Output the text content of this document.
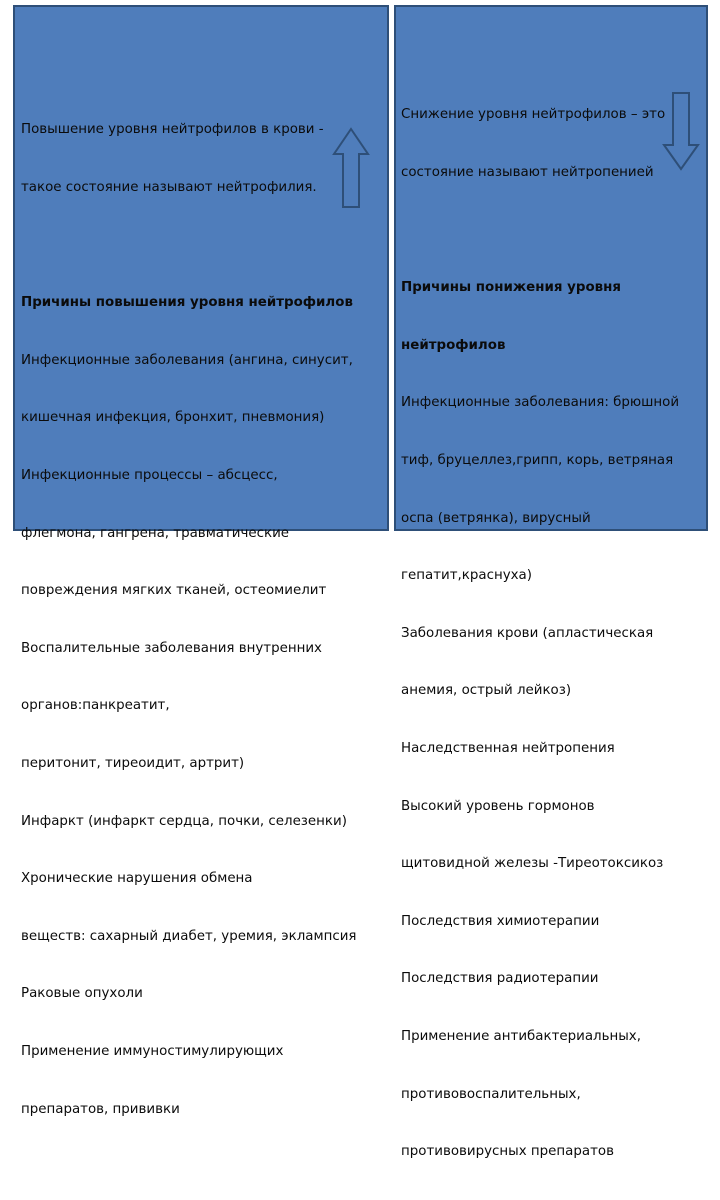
Повышение уровня нейтрофилов в крови -

такое состояние называют нейтрофилия.

Причины повышения уровня нейтрофилов

Инфекционные заболевания (ангина, синусит,

кишечная инфекция, бронхит, пневмония)

Инфекционные процессы – абсцесс,

флегмона, гангрена, травматические

повреждения мягких тканей, остеомиелит

Воспалительные заболевания внутренних

органов:панкреатит,

перитонит, тиреоидит, артрит)

Инфаркт (инфаркт сердца, почки, селезенки)

Хронические нарушения обмена

веществ: сахарный диабет, уремия, эклампсия

Раковые опухоли

Применение иммуностимулирующих

препаратов, прививки

Снижение уровня нейтрофилов – это

состояние называют нейтропенией

Причины понижения уровня

нейтрофилов

Инфекционные заболевания: брюшной

тиф, бруцеллез,грипп, корь, ветряная

оспа (ветрянка), вирусный

гепатит,краснуха)

Заболевания крови (апластическая

анемия, острый лейкоз)

Наследственная нейтропения

Высокий уровень гормонов

щитовидной железы -Тиреотоксикоз

Последствия химиотерапии

Последствия радиотерапии

Применение антибактериальных,

противовоспалительных,

противовирусных препаратов
